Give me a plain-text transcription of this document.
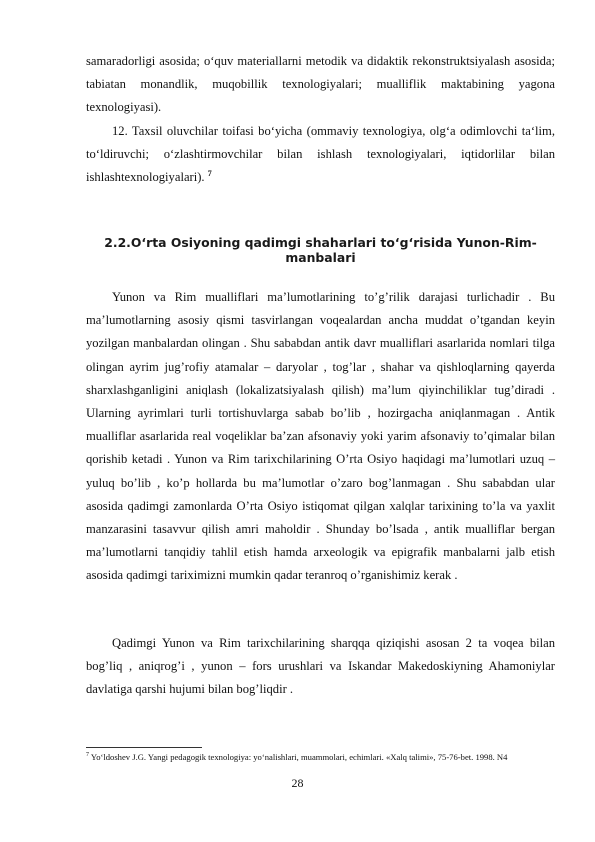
samaradorligi asosida; o‘quv materiallarni metodik va didaktik rekonstruktsiyalash asosida; tabiatan monandlik, muqobillik texnologiyalari; mualliflik maktabining yagona texnologiyasi).

12. Taxsil oluvchilar toifasi bo‘yicha (ommaviy texnologiya, olg‘a odimlovchi ta‘lim, to‘ldiruvchi; o‘zlashtirmovchilar bilan ishlash texnologiyalari, iqtidorlilar bilan ishlashtexnologiyalari). $^7$

2.2.O‘rta Osiyoning qadimgi shaharlari to‘g‘risida Yunon-Rim-manbalari

Yunon va Rim mualliflari ma’lumotlarining to’g’rilik darajasi turlichadir . Bu ma’lumotlarning asosiy qismi tasvirlangan voqealardan ancha muddat o’tgandan keyin yozilgan manbalardan olingan . Shu sababdan antik davr mualliflari asarlarida nomlari tilga olingan ayrim jug’rofiy atamalar – daryolar , tog’lar , shahar va qishloqlarning qayerda sharxlashganligini aniqlash (lokalizatsiyalash qilish) ma’lum qiyinchiliklar tug’diradi . Ularning ayrimlari turli tortishuvlarga sabab bo’lib , hozirgacha aniqlanmagan . Antik mualliflar asarlarida real voqeliklar ba’zan afsonaviy yoki yarim afsonaviy to’qimalar bilan qorishib ketadi . Yunon va Rim tarixchilarining O’rta Osiyo haqidagi ma’lumotlari uzuq – yuluq bo’lib , ko’p hollarda bu ma’lumotlar o’zaro bog’lanmagan . Shu sababdan ular asosida qadimgi zamonlarda O’rta Osiyo istiqomat qilgan xalqlar tarixining to’la va yaxlit manzarasini tasavvur qilish amri maholdir . Shunday bo’lsada , antik mualliflar bergan ma’lumotlarni tanqidiy tahlil etish hamda arxeologik va epigrafik manbalarni jalb etish asosida qadimgi tariximizni mumkin qadar teranroq o’rganishimiz kerak .

Qadimgi Yunon va Rim tarixchilarining sharqqa qiziqishi asosan 2 ta voqea bilan bog’liq , aniqrog’i , yunon – fors urushlari va Iskandar Makedoskiyning Ahamoniylar davlatiga qarshi hujumi bilan bog’liqdir .

$^7$ Yo‘ldoshev J.G. Yangi pedagogik texnologiya: yo‘nalishlari, muammolari, echimlari. «Xalq talimi», 75-76-bet. 1998. N4

28
